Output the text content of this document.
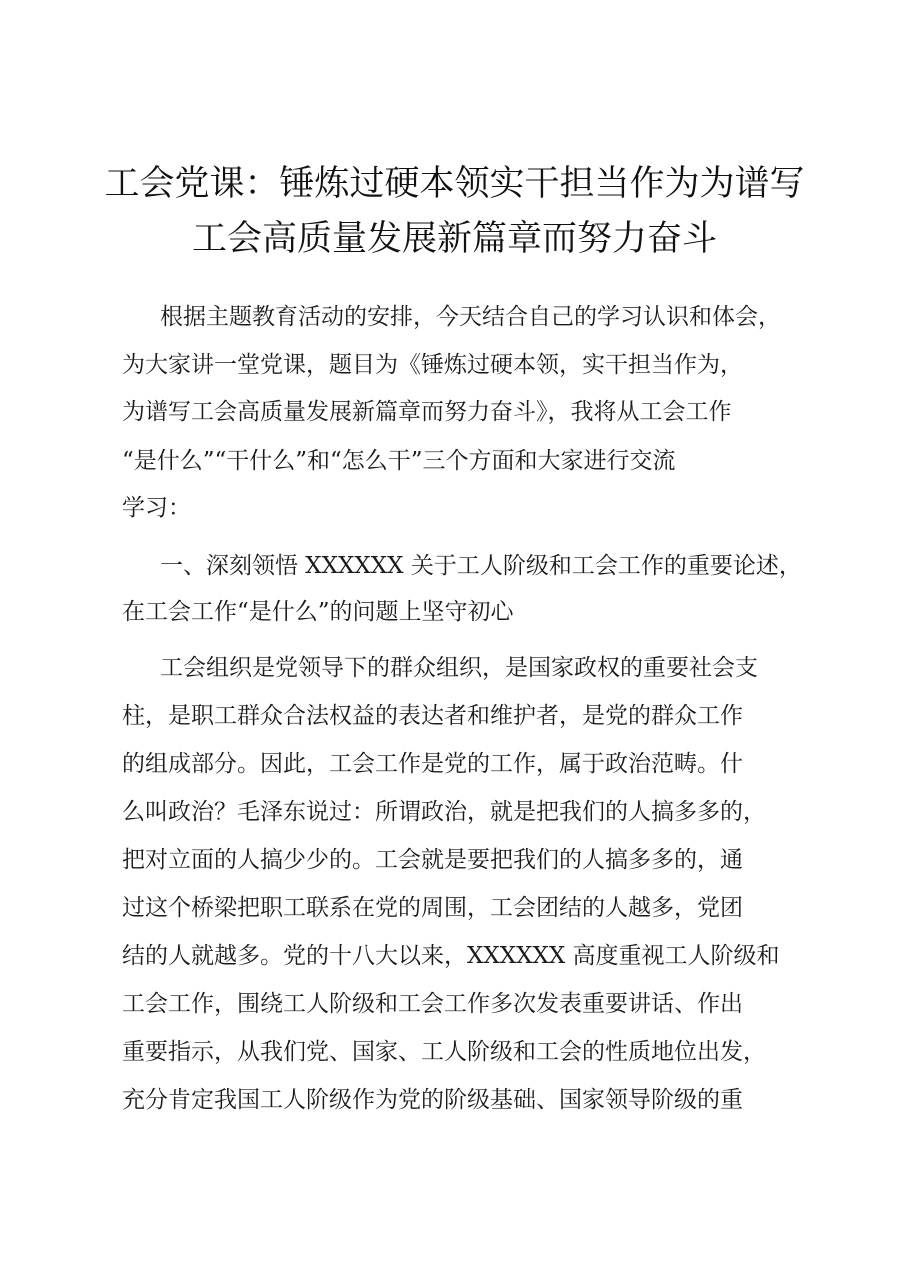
工会党课：锤炼过硬本领实干担当作为为谱写
工会高质量发展新篇章而努力奋斗
根据主题教育活动的安排，今天结合自己的学习认识和体会，
为大家讲一堂党课，题目为《锤炼过硬本领，实干担当作为，
为谱写工会高质量发展新篇章而努力奋斗》，我将从工会工作
“是什么”“干什么”和“怎么干”三个方面和大家进行交流
学习：
一、深刻领悟 XXXXXX 关于工人阶级和工会工作的重要论述，
在工会工作“是什么”的问题上坚守初心
工会组织是党领导下的群众组织，是国家政权的重要社会支
柱，是职工群众合法权益的表达者和维护者，是党的群众工作
的组成部分。因此，工会工作是党的工作，属于政治范畴。什
么叫政治？毛泽东说过：所谓政治，就是把我们的人搞多多的，
把对立面的人搞少少的。工会就是要把我们的人搞多多的，通
过这个桥梁把职工联系在党的周围，工会团结的人越多，党团
结的人就越多。党的十八大以来，XXXXXX 高度重视工人阶级和
工会工作，围绕工人阶级和工会工作多次发表重要讲话、作出
重要指示，从我们党、国家、工人阶级和工会的性质地位出发，
充分肯定我国工人阶级作为党的阶级基础、国家领导阶级的重
